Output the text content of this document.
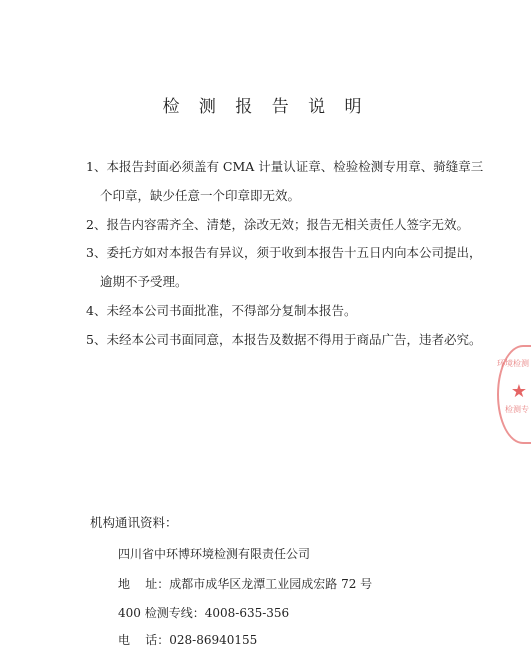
检 测 报 告 说 明
1、本报告封面必须盖有 CMA 计量认证章、检验检测专用章、骑缝章三
个印章，缺少任意一个印章即无效。
2、报告内容需齐全、清楚，涂改无效；报告无相关责任人签字无效。
3、委托方如对本报告有异议，须于收到本报告十五日内向本公司提出，
逾期不予受理。
4、未经本公司书面批准，不得部分复制本报告。
5、未经本公司书面同意，本报告及数据不得用于商品广告，违者必究。
环境检测
★
检测专
机构通讯资料：
四川省中环博环境检测有限责任公司
地    址：成都市成华区龙潭工业园成宏路 72 号
400 检测专线：4008-635-356
电    话：028-86940155
